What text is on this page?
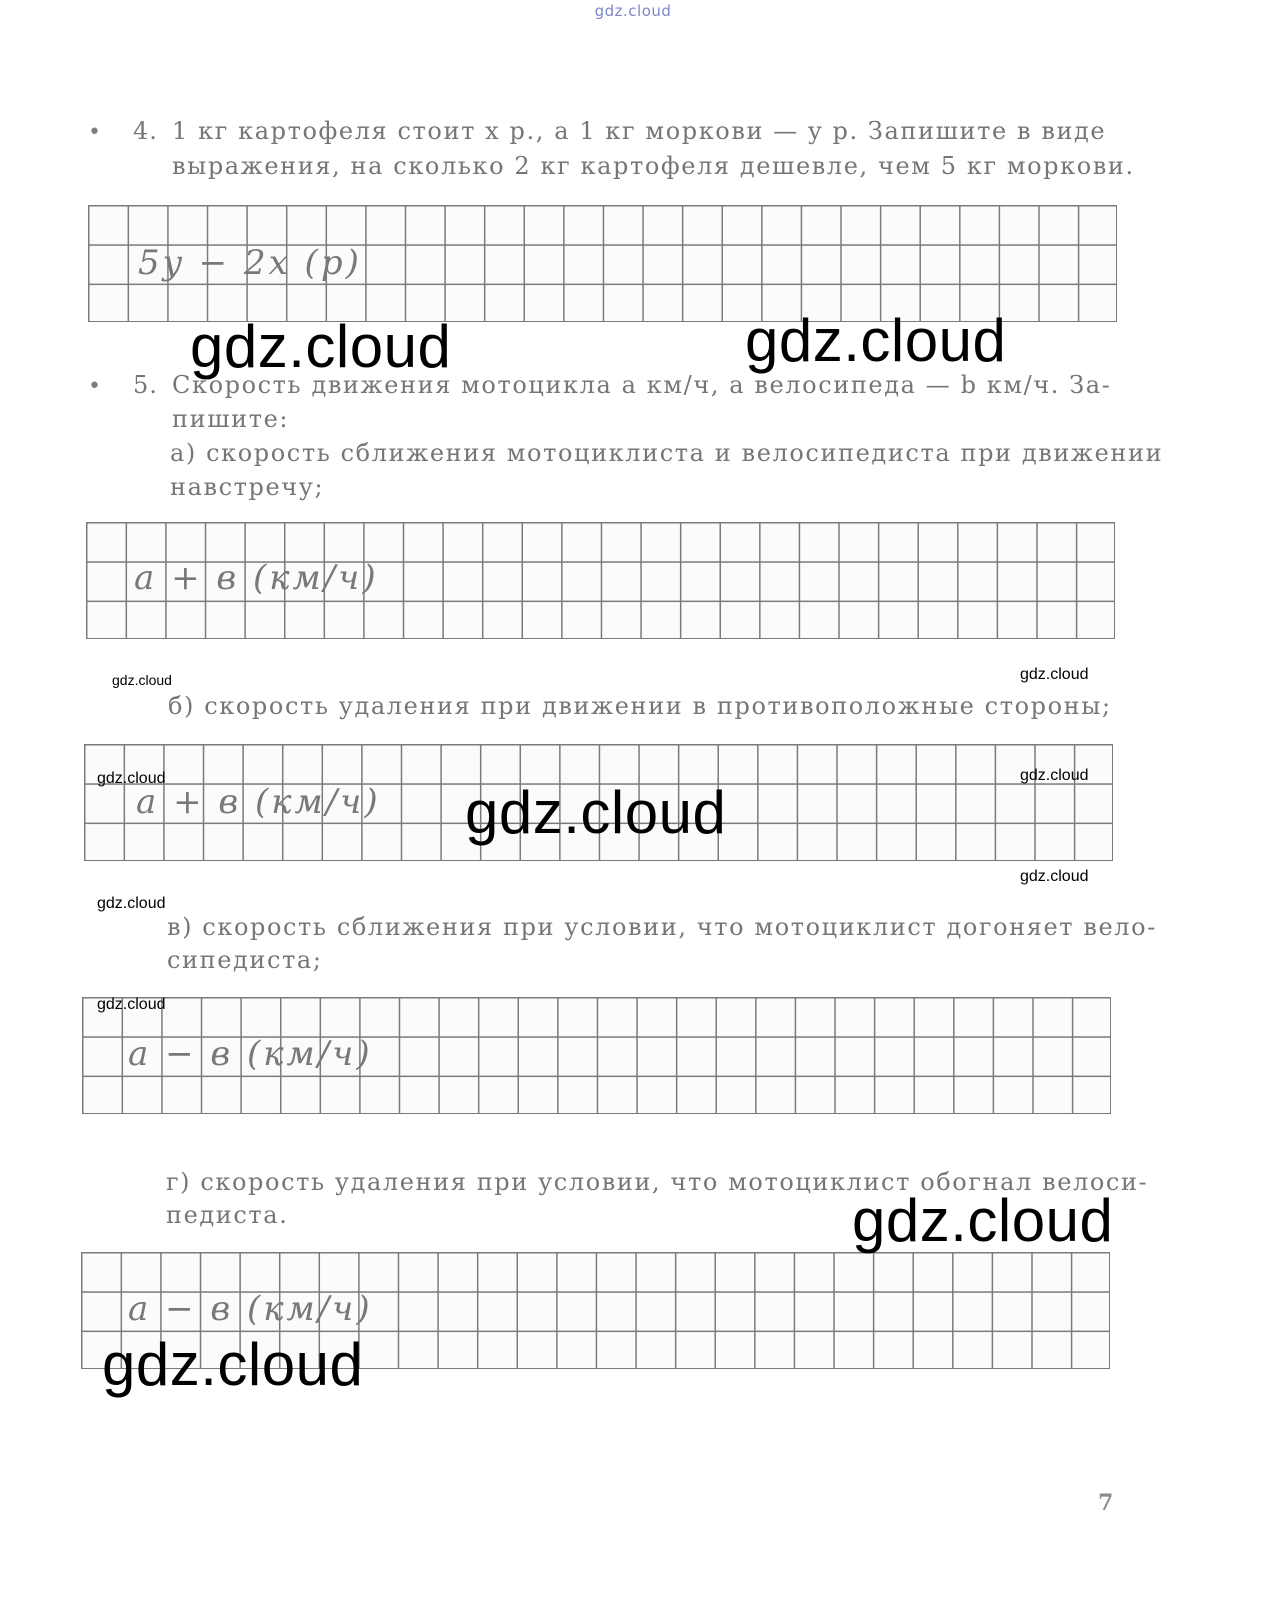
gdz.cloud
• 4. 1 кг картофеля стоит x р., а 1 кг моркови — y р. Запишите в виде
выражения, на сколько 2 кг картофеля дешевле, чем 5 кг моркови.
5y − 2x (р)
• 5. Скорость движения мотоцикла a км/ч, а велосипеда — b км/ч. За-
пишите:
а) скорость сближения мотоциклиста и велосипедиста при движении
навстречу;
a + в (км/ч)
б) скорость удаления при движении в противоположные стороны;
a + в (км/ч)
в) скорость сближения при условии, что мотоциклист догоняет вело-
сипедиста;
a − в (км/ч)
г) скорость удаления при условии, что мотоциклист обогнал велоси-
педиста.
a − в (км/ч)
gdz.cloud	gdz.cloud
gdz.cloud	gdz.cloud
gdz.cloud	gdz.cloud
gdz.cloud
gdz.cloud
gdz.cloud
gdz.cloud
gdz.cloud
gdz.cloud
7
